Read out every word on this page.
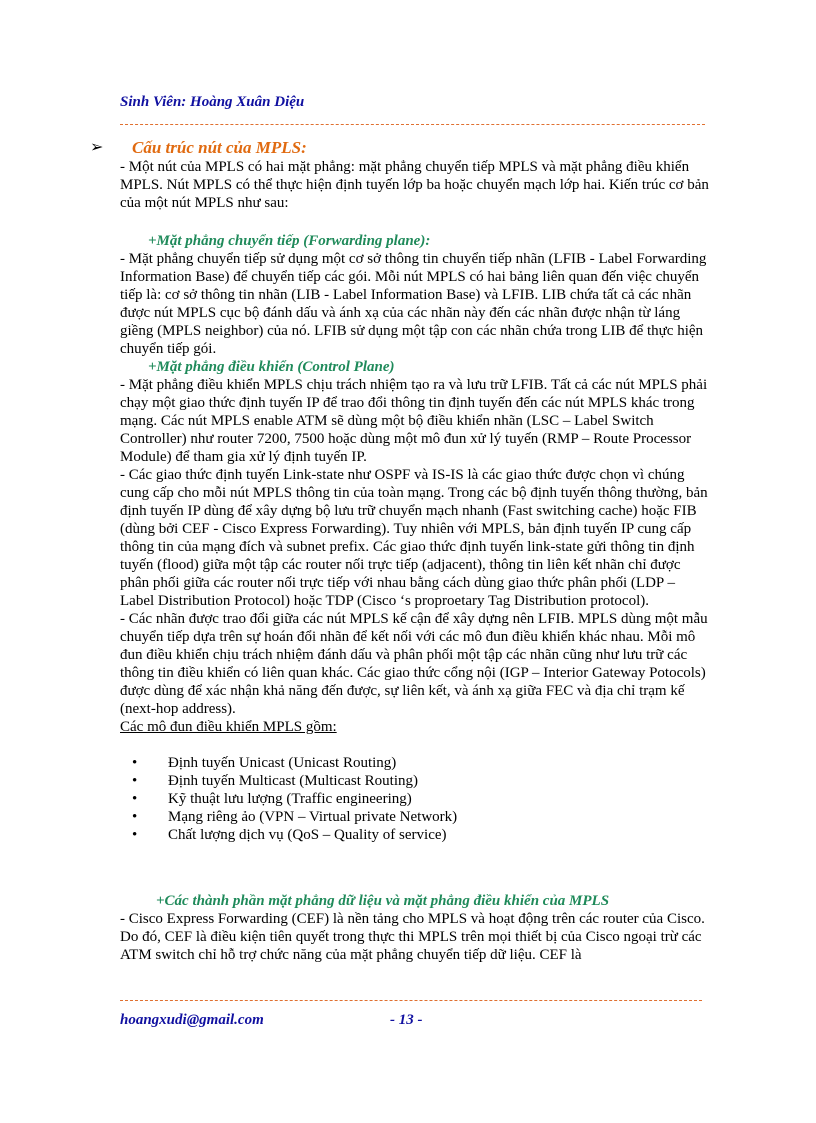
Sinh Viên: Hoàng Xuân Diệu
➢ Cấu trúc nút của MPLS:

- Một nút của MPLS có hai mặt phẳng: mặt phẳng chuyển tiếp MPLS và mặt phẳng điều khiển MPLS. Nút MPLS có thể thực hiện định tuyến lớp ba hoặc chuyển mạch lớp hai. Kiến trúc cơ bản của một nút MPLS như sau:

+Mặt phẳng chuyển tiếp (Forwarding plane):

- Mặt phẳng chuyển tiếp sử dụng một cơ sở thông tin chuyển tiếp nhãn (LFIB - Label Forwarding Information Base) để chuyển tiếp các gói. Mỗi nút MPLS có hai bảng liên quan đến việc chuyển tiếp là: cơ sở thông tin nhãn (LIB - Label Information Base) và LFIB. LIB chứa tất cả các nhãn được nút MPLS cục bộ đánh dấu và ánh xạ của các nhãn này đến các nhãn được nhận từ láng giềng (MPLS neighbor) của nó. LFIB sử dụng một tập con các nhãn chứa trong LIB để thực hiện chuyển tiếp gói.

+Mặt phẳng điều khiển (Control Plane)

- Mặt phẳng điều khiển MPLS chịu trách nhiệm tạo ra và lưu trữ LFIB. Tất cả các nút MPLS phải chạy một giao thức định tuyến IP để trao đổi thông tin định tuyến đến các nút MPLS khác trong mạng. Các nút MPLS enable ATM sẽ dùng một bộ điều khiển nhãn (LSC – Label Switch Controller) như router 7200, 7500 hoặc dùng một mô đun xử lý tuyến (RMP – Route Processor Module) để tham gia xử lý định tuyến IP.

- Các giao thức định tuyến Link-state như OSPF và IS-IS là các giao thức được chọn vì chúng cung cấp cho mỗi nút MPLS thông tin của toàn mạng. Trong các bộ định tuyến thông thường, bản định tuyến IP dùng để xây dựng bộ lưu trữ chuyển mạch nhanh (Fast switching cache) hoặc FIB (dùng bởi CEF - Cisco Express Forwarding). Tuy nhiên với MPLS, bản định tuyến IP cung cấp thông tin của mạng đích và subnet prefix. Các giao thức định tuyến link-state gửi thông tin định tuyến (flood) giữa một tập các router nối trực tiếp (adjacent), thông tin liên kết nhãn chỉ được phân phối giữa các router nối trực tiếp với nhau bằng cách dùng giao thức phân phối (LDP – Label Distribution Protocol) hoặc TDP (Cisco ‘s proproetary Tag Distribution protocol).

- Các nhãn được trao đổi giữa các nút MPLS kế cận để xây dựng nên LFIB. MPLS dùng một mẫu chuyển tiếp dựa trên sự hoán đổi nhãn để kết nối với các mô đun điều khiển khác nhau. Mỗi mô đun điều khiển chịu trách nhiệm đánh dấu và phân phối một tập các nhãn cũng như lưu trữ các thông tin điều khiển có liên quan khác. Các giao thức cổng nội (IGP – Interior Gateway Potocols) được dùng để xác nhận khả năng đến được, sự liên kết, và ánh xạ giữa FEC và địa chỉ trạm kế (next-hop address).

Các mô đun điều khiển MPLS gồm:

• Định tuyến Unicast (Unicast Routing)
• Định tuyến Multicast (Multicast Routing)
• Kỹ thuật lưu lượng (Traffic engineering)
• Mạng riêng ảo (VPN – Virtual private Network)
• Chất lượng dịch vụ (QoS – Quality of service)

+Các thành phần mặt phẳng dữ liệu và mặt phẳng điều khiển của MPLS

- Cisco Express Forwarding (CEF) là nền tảng cho MPLS và hoạt động trên các router của Cisco. Do đó, CEF là điều kiện tiên quyết trong thực thi MPLS trên mọi thiết bị của Cisco ngoại trừ các ATM switch chỉ hỗ trợ chức năng của mặt phẳng chuyển tiếp dữ liệu. CEF là

hoangxudi@gmail.com	- 13 -
